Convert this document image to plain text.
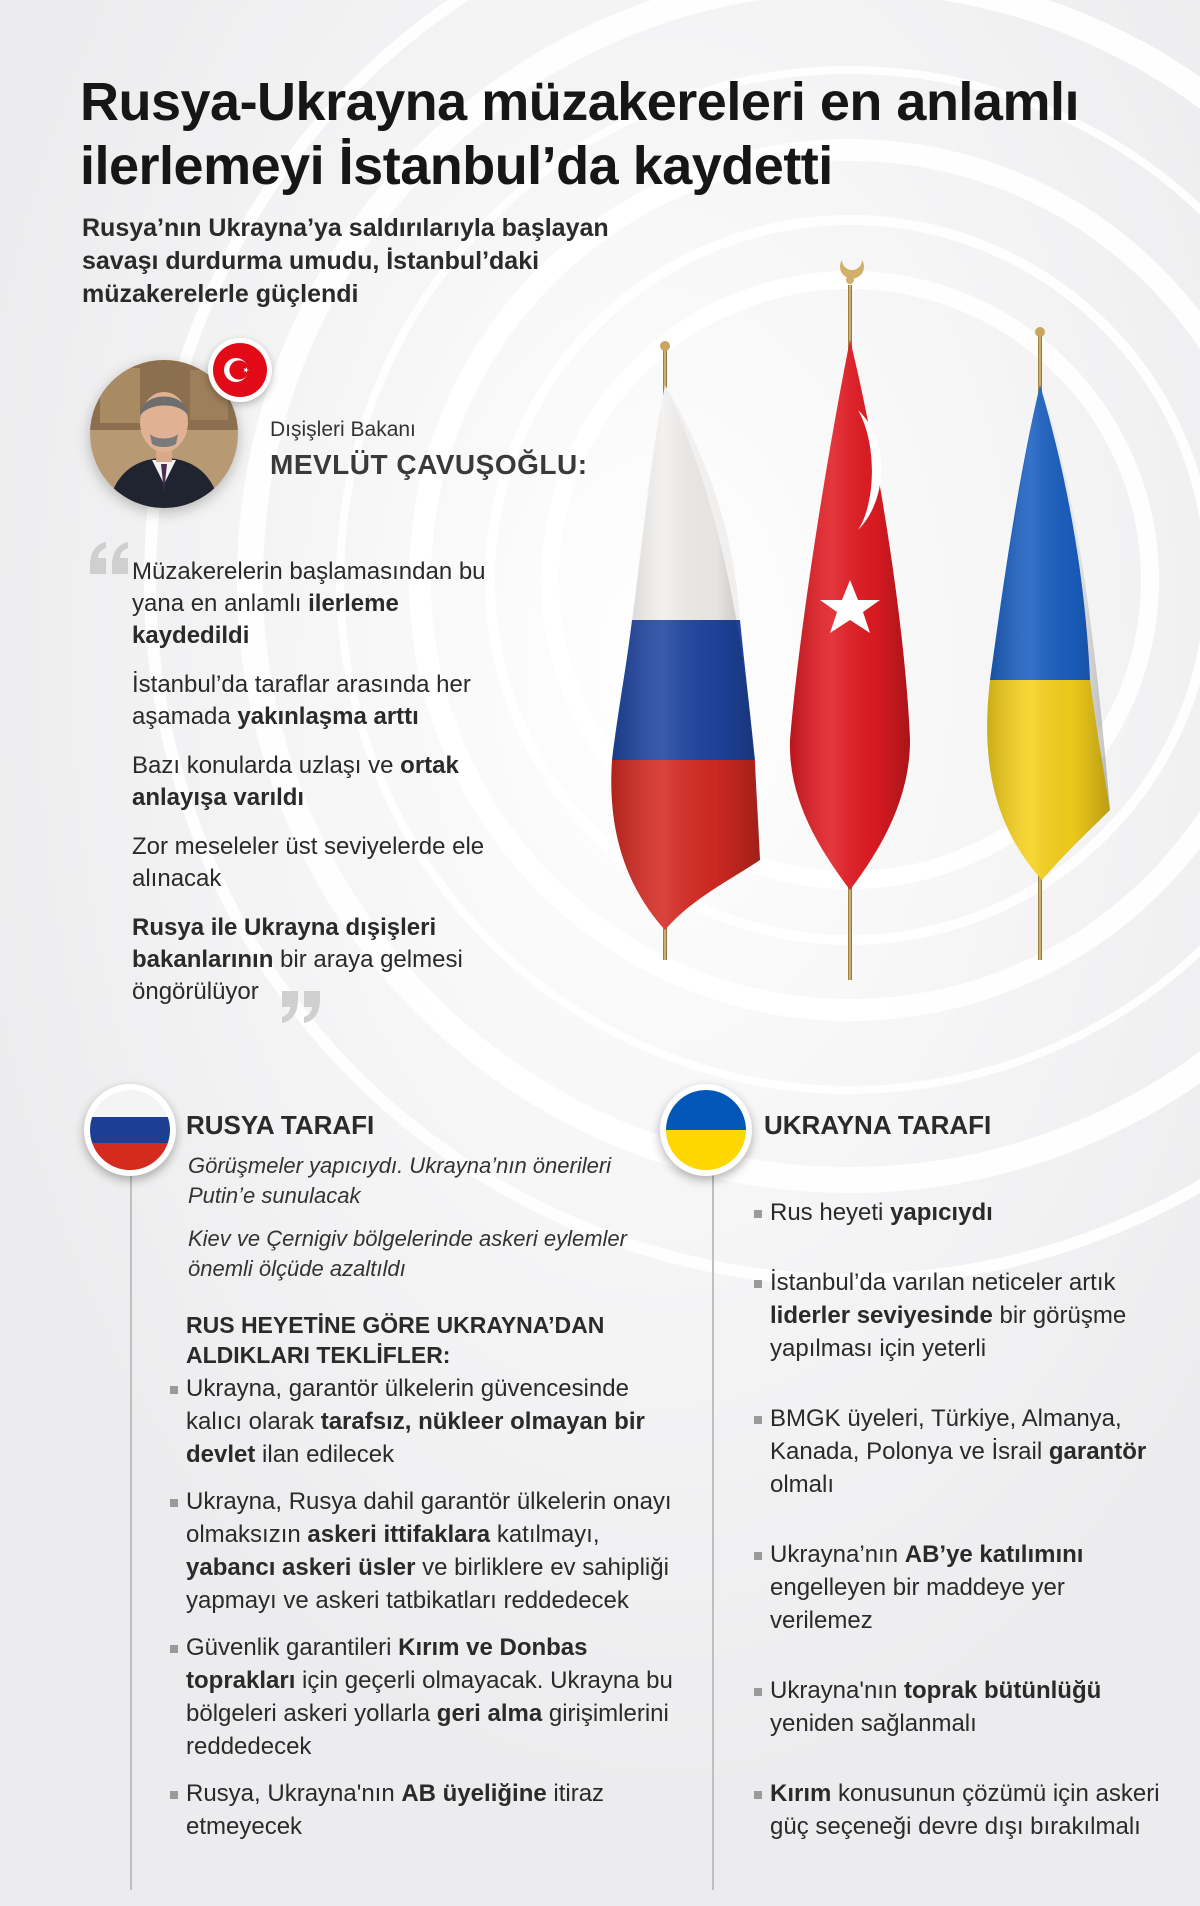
Rusya-Ukrayna müzakereleri en anlamlı
ilerlemeyi İstanbul’da kaydetti
Rusya’nın Ukrayna’ya saldırılarıyla başlayan savaşı durdurma umudu, İstanbul’daki müzakerelerle güçlendi
Dışişleri Bakanı
MEVLÜT ÇAVUŞOĞLU:
Müzakerelerin başlamasından bu yana en anlamlı ilerleme kaydedildi
İstanbul’da taraflar arasında her aşamada yakınlaşma arttı
Bazı konularda uzlaşı ve ortak anlayışa varıldı
Zor meseleler üst seviyelerde ele alınacak
Rusya ile Ukrayna dışişleri bakanlarının bir araya gelmesi öngörülüyor
RUSYA TARAFI
Görüşmeler yapıcıydı. Ukrayna’nın önerileri Putin’e sunulacak
Kiev ve Çernigiv bölgelerinde askeri eylemler önemli ölçüde azaltıldı
RUS HEYETİNE GÖRE UKRAYNA’DAN ALDIKLARI TEKLİFLER:
Ukrayna, garantör ülkelerin güvencesinde kalıcı olarak tarafsız, nükleer olmayan bir devlet ilan edilecek
Ukrayna, Rusya dahil garantör ülkelerin onayı olmaksızın askeri ittifaklara katılmayı, yabancı askeri üsler ve birliklere ev sahipliği yapmayı ve askeri tatbikatları reddedecek
Güvenlik garantileri Kırım ve Donbas toprakları için geçerli olmayacak. Ukrayna bu bölgeleri askeri yollarla geri alma girişimlerini reddedecek
Rusya, Ukrayna'nın AB üyeliğine itiraz etmeyecek
UKRAYNA TARAFI
Rus heyeti yapıcıydı
İstanbul’da varılan neticeler artık liderler seviyesinde bir görüşme yapılması için yeterli
BMGK üyeleri, Türkiye, Almanya, Kanada, Polonya ve İsrail garantör olmalı
Ukrayna’nın AB’ye katılımını engelleyen bir maddeye yer verilemez
Ukrayna'nın toprak bütünlüğü yeniden sağlanmalı
Kırım konusunun çözümü için askeri güç seçeneği devre dışı bırakılmalı
